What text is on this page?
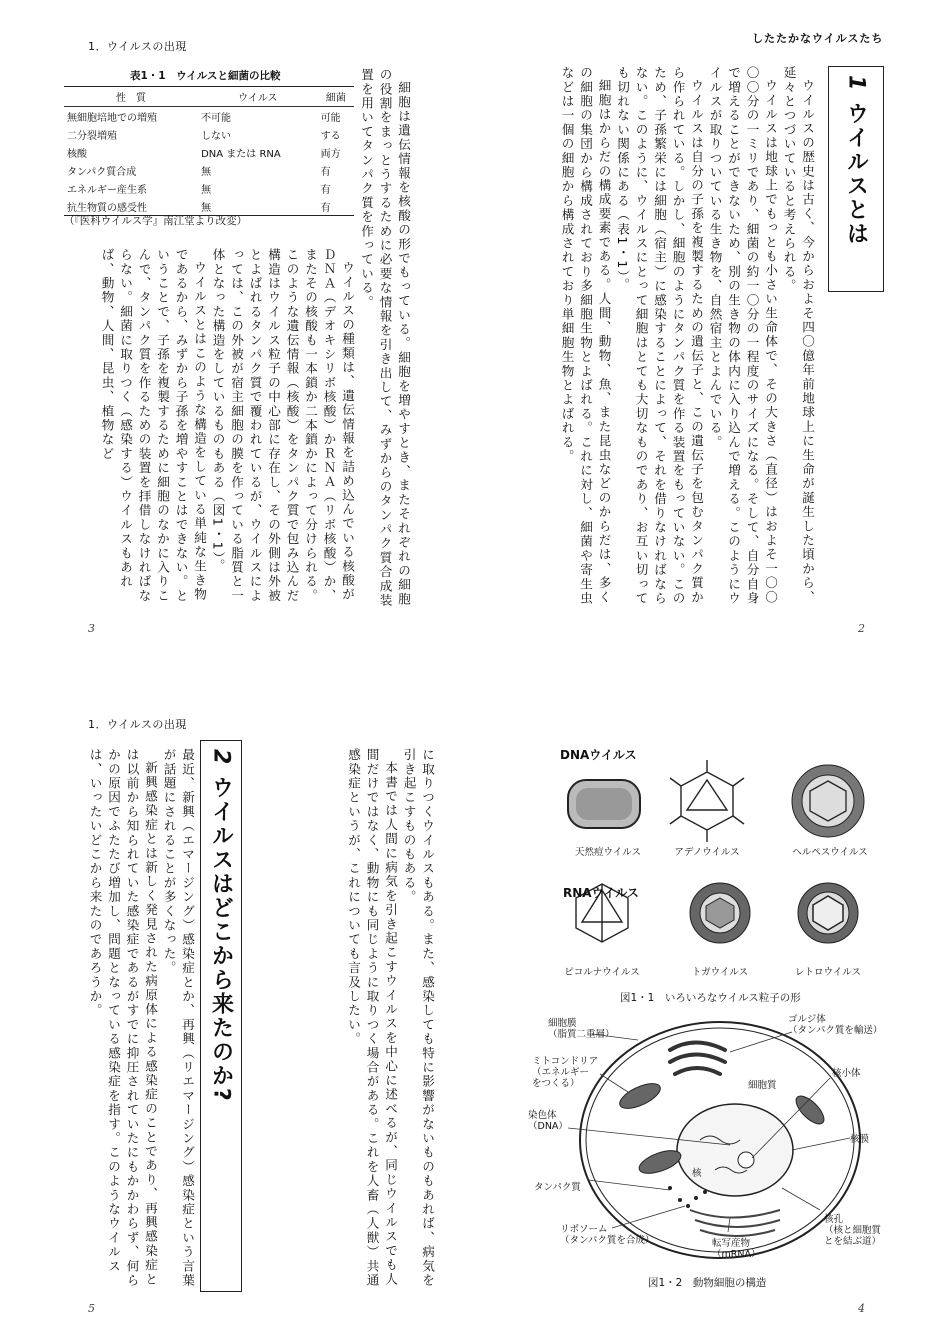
1．ウイルスの出現
したたかなウイルスたち
1．ウイルスの出現
1
ウイルスとは

ウイルスの歴史は古く、今からおよそ四〇億年前地球上に生命が誕生した頃から、延々とつづいていると考えられる。

ウイルスは地球上でもっとも小さい生命体で、その大きさ（直径）はおよそ一〇〇〇〇分の一ミリであり、細菌の約一〇分の一程度のサイズになる。そして、自分自身で増えることができないため、別の生き物の体内に入り込んで増える。このようにウイルスが取りついている生き物を、自然宿主とよんでいる。

ウイルスは自分の子孫を複製するための遺伝子と、この遺伝子を包むタンパク質から作られている。しかし、細胞のようにタンパク質を作る装置をもっていない。このため、子孫繁栄には細胞（宿主）に感染することによって、それを借りなければならない。このように、ウイルスにとって細胞はとても大切なものであり、お互い切っても切れない関係にある（表1・1）。

細胞はからだの構成要素である。人間、動物、魚、また昆虫などのからだは、多くの細胞の集団から構成されており多細胞生物とよばれる。これに対し、細菌や寄生虫などは一個の細胞から構成されており単細胞生物とよばれる。

2
表1・1　ウイルスと細菌の比較
性　質	ウイルス	細菌
無細胞培地での増殖	不可能	可能
二分裂増殖	しない	する
核酸	DNA または RNA	両方
タンパク質合成	無	有
エネルギー産生系	無	有
抗生物質の感受性	無	有
（『医科ウイルス学』南江堂より改変）	細胞は遺伝情報を核酸の形でもっている。細胞を増やすとき、またそれぞれの細胞の役割をまっとうするために必要な情報を引き出して、みずからのタンパク質合成装置を用いてタンパク質を作っている。

ウイルスの種類は、遺伝情報を詰め込んでいる核酸がＤＮＡ（デオキシリボ核酸）かＲＮＡ（リボ核酸）か、またその核酸も一本鎖か二本鎖かによって分けられる。このような遺伝情報（核酸）をタンパク質で包み込んだ構造はウイルス粒子の中心部に存在し、その外側は外被とよばれるタンパク質で覆われているが、ウイルスによっては、この外被が宿主細胞の膜を作っている脂質と一体となった構造をしているものもある（図1・1）。

ウイルスとはこのような構造をしている単純な生き物であるから、みずから子孫を増やすことはできない。ということで、子孫を複製するために細胞のなかに入りこんで、タンパク質を作るための装置を拝借しなければならない。細菌に取りつく（感染する）ウイルスもあれば、動物、人間、昆虫、植物など

3
DNAウイルス
天然痘ウイルス	アデノウイルス	ヘルペスウイルス
RNAウイルス
ピコルナウイルス	トガウイルス	レトロウイルス
図1・1　いろいろなウイルス粒子の形
細胞膜
（脂質二重層）
ミトコンドリア
（エネルギー
をつくる）
染色体
（DNA）
タンパク質
リボソーム
（タンパク質を合成）	転写産物
（mRNA）
ゴルジ体
（タンパク質を輸送）
細胞質
核小体
核膜
核
核孔
（核と細胞質
とを結ぶ道）
図1・2　動物細胞の構造
4

に取りつくウイルスもある。また、感染しても特に影響がないものもあれば、病気を引き起こすものもある。

本書では人間に病気を引き起こすウイルスを中心に述べるが、同じウイルスでも人間だけではなく、動物にも同じように取りつく場合がある。これを人畜（人獣）共通感染症というが、これについても言及したい。

2
ウイルスはどこから来たのか?

最近、新興（エマージング）感染症とか、再興（リエマージング）感染症という言葉が話題にされることが多くなった。

新興感染症とは新しく発見された病原体による感染症のことであり、再興感染症とは以前から知られていた感染症であるがすでに抑圧されていたにもかかわらず、何らかの原因でふたたび増加し、問題となっている感染症を指す。このようなウイルスは、いったいどこから来たのであろうか。

5
